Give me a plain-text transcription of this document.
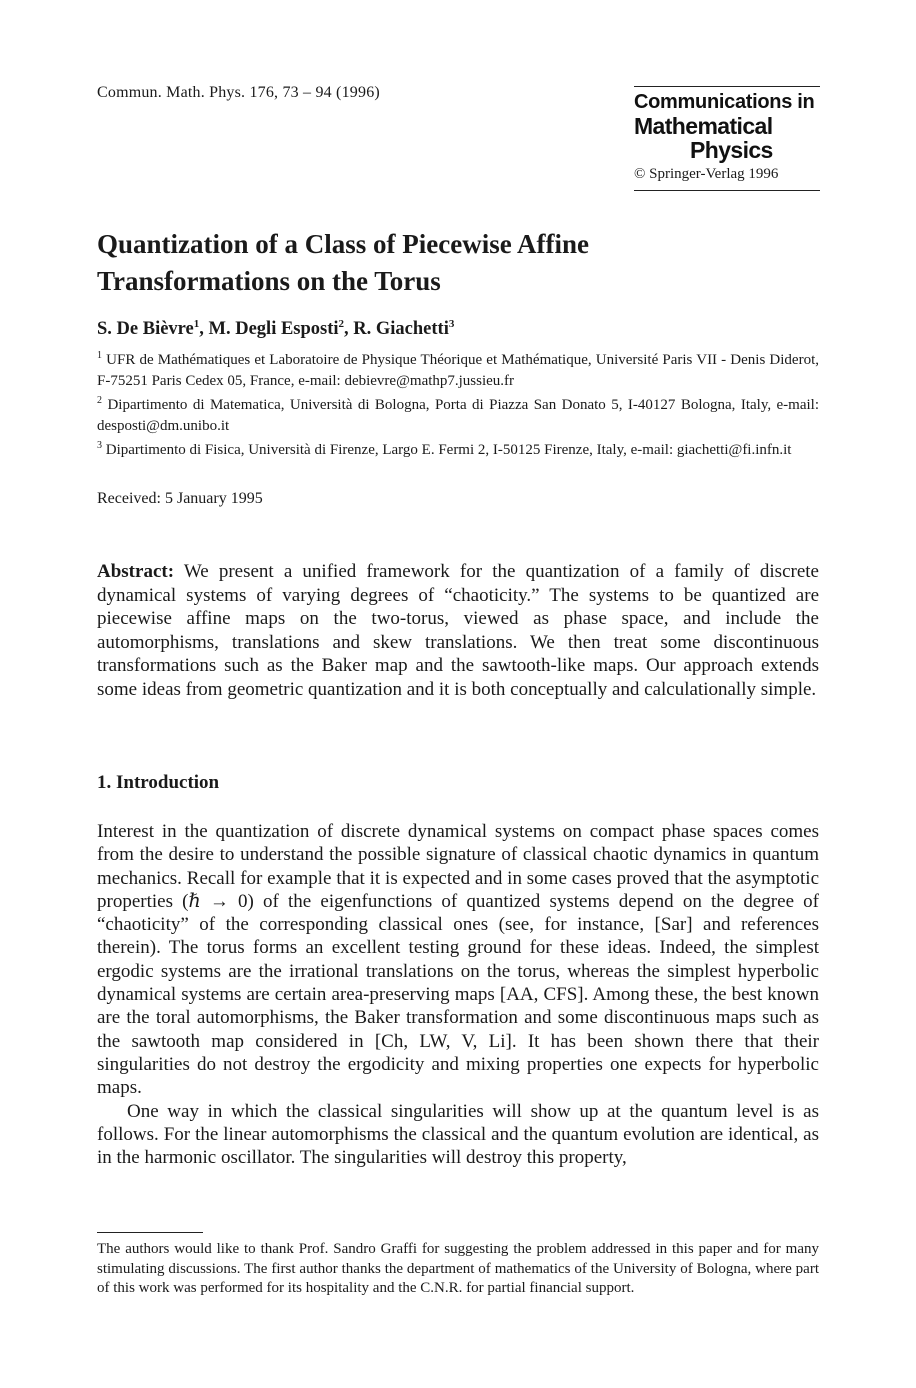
Commun. Math. Phys. 176, 73 – 94 (1996)	Communications in
Mathematical
Physics
© Springer-Verlag 1996
Quantization of a Class of Piecewise Affine
Transformations on the Torus
S. De Bièvre$^1$, M. Degli Esposti$^2$, R. Giachetti$^3$

$^1$ UFR de Mathématiques et Laboratoire de Physique Théorique et Mathématique, Université Paris VII - Denis Diderot, F-75251 Paris Cedex 05, France, e-mail: debievre@mathp7.jussieu.fr

$^2$ Dipartimento di Matematica, Università di Bologna, Porta di Piazza San Donato 5, I-40127 Bologna, Italy, e-mail: desposti@dm.unibo.it

$^3$ Dipartimento di Fisica, Università di Firenze, Largo E. Fermi 2, I-50125 Firenze, Italy, e-mail: giachetti@fi.infn.it

Received: 5 January 1995
Abstract: We present a unified framework for the quantization of a family of discrete dynamical systems of varying degrees of “chaoticity.” The systems to be quantized are piecewise affine maps on the two-torus, viewed as phase space, and include the automorphisms, translations and skew translations. We then treat some discontinuous transformations such as the Baker map and the sawtooth-like maps. Our approach extends some ideas from geometric quantization and it is both conceptually and calculationally simple.
1. Introduction

Interest in the quantization of discrete dynamical systems on compact phase spaces comes from the desire to understand the possible signature of classical chaotic dynamics in quantum mechanics. Recall for example that it is expected and in some cases proved that the asymptotic properties (ℏ → 0) of the eigenfunctions of quantized systems depend on the degree of “chaoticity” of the corresponding classical ones (see, for instance, [Sar] and references therein). The torus forms an excellent testing ground for these ideas. Indeed, the simplest ergodic systems are the irrational translations on the torus, whereas the simplest hyperbolic dynamical systems are certain area-preserving maps [AA, CFS]. Among these, the best known are the toral automorphisms, the Baker transformation and some discontinuous maps such as the sawtooth map considered in [Ch, LW, V, Li]. It has been shown there that their singularities do not destroy the ergodicity and mixing properties one expects for hyperbolic maps.

One way in which the classical singularities will show up at the quantum level is as follows. For the linear automorphisms the classical and the quantum evolution are identical, as in the harmonic oscillator. The singularities will destroy this property,

The authors would like to thank Prof. Sandro Graffi for suggesting the problem addressed in this paper and for many stimulating discussions. The first author thanks the department of mathematics of the University of Bologna, where part of this work was performed for its hospitality and the C.N.R. for partial financial support.
